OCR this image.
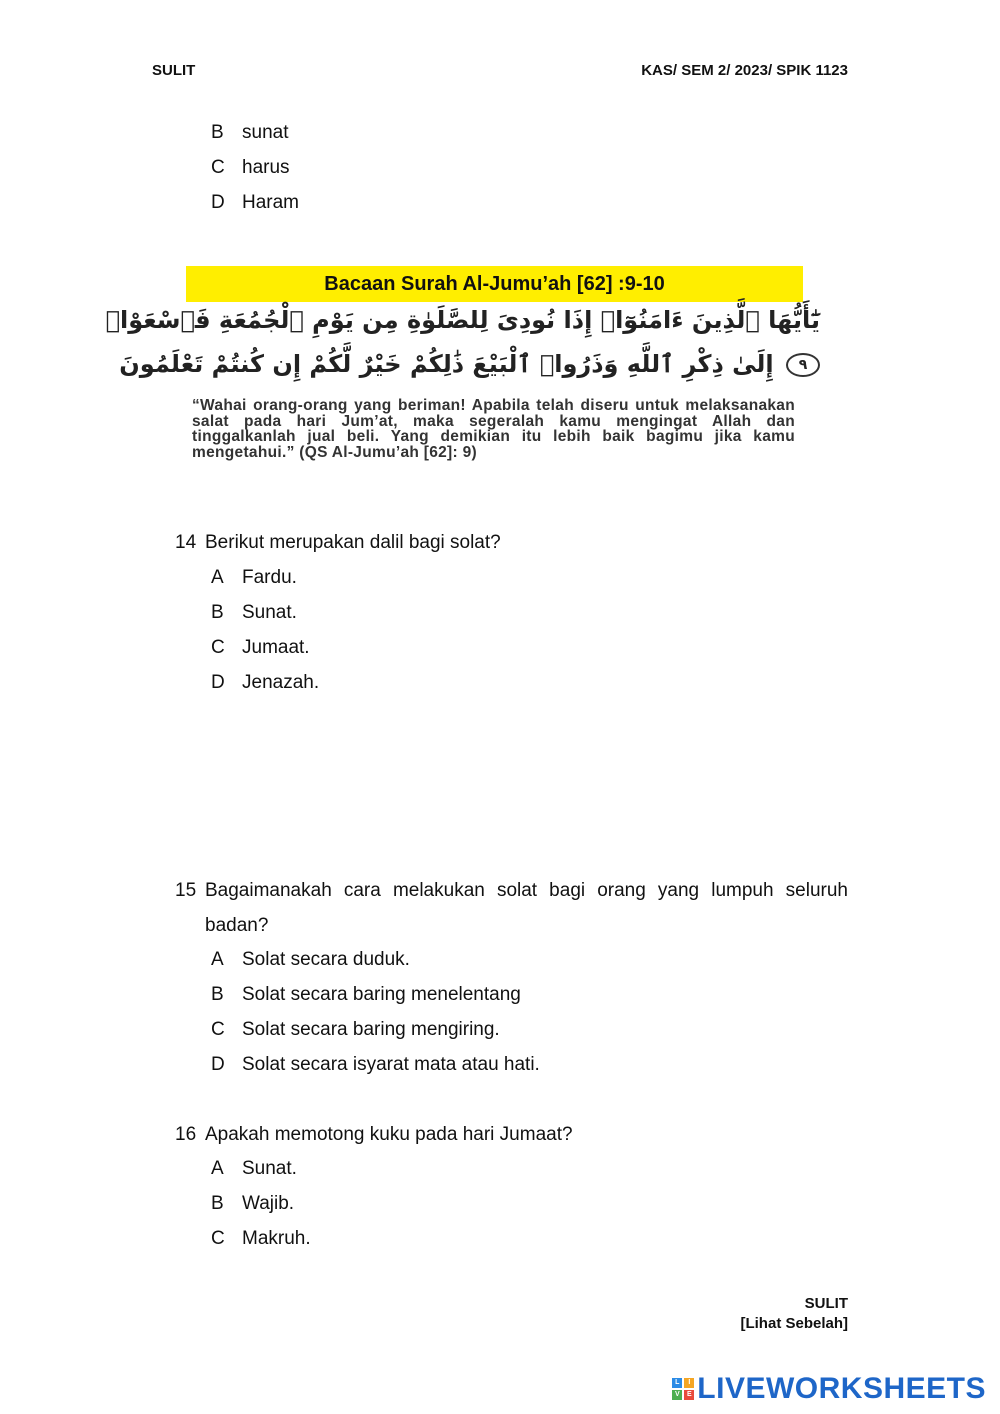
SULIT	KAS/ SEM 2/ 2023/ SPIK 1123
B sunat
C harus
D Haram
Bacaan Surah Al-Jumu’ah [62] :9-10
يَٰٓأَيُّهَا ٱلَّذِينَ ءَامَنُوٓا۟ إِذَا نُودِىَ لِلصَّلَوٰةِ مِن يَوْمِ ٱلْجُمُعَةِ فَٱسْعَوْا۟
٩ إِلَىٰ ذِكْرِ ٱللَّهِ وَذَرُوا۟ ٱلْبَيْعَ ذَٰلِكُمْ خَيْرٌ لَّكُمْ إِن كُنتُمْ تَعْلَمُونَ
“Wahai orang-orang yang beriman! Apabila telah diseru untuk melaksanakan salat pada hari Jum’at, maka segeralah kamu mengingat Allah dan tinggalkanlah jual beli. Yang demikian itu lebih baik bagimu jika kamu mengetahui.” (QS Al-Jumu’ah [62]: 9)
14 Berikut merupakan dalil bagi solat?
A Fardu.
B Sunat.
C Jumaat.
D Jenazah.
15 Bagaimanakah cara melakukan solat bagi orang yang lumpuh seluruh badan?
A Solat secara duduk.
B Solat secara baring menelentang
C Solat secara baring mengiring.
D Solat secara isyarat mata atau hati.
16 Apakah memotong kuku pada hari Jumaat?
A Sunat.
B Wajib.
C Makruh.
SULIT
[Lihat Sebelah]
L	I
V	E LIVEWORKSHEETS
